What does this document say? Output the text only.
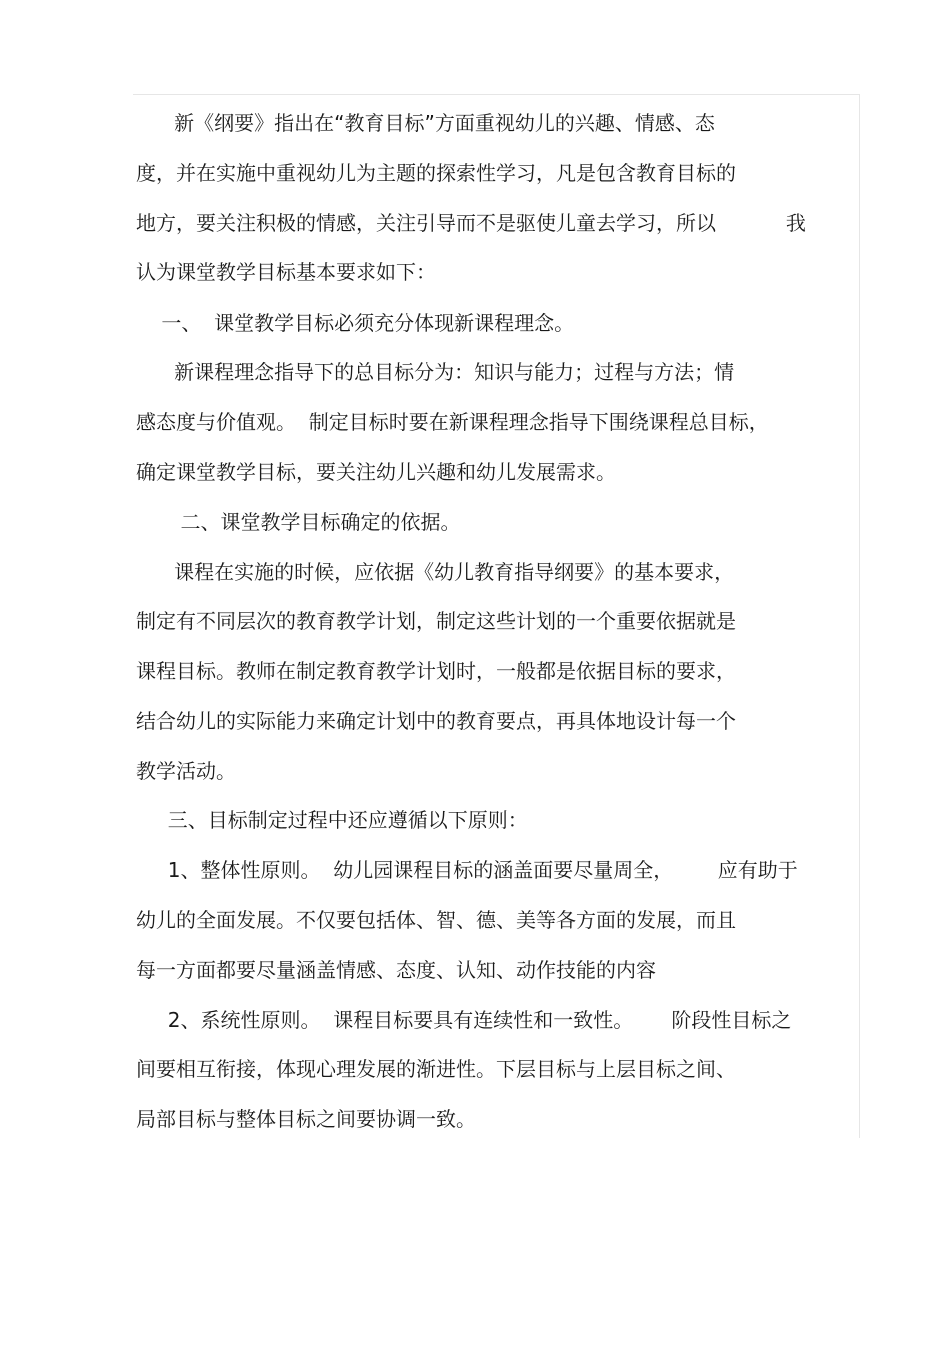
新《纲要》指出在“教育目标”方面重视幼儿的兴趣、情感、态
度，并在实施中重视幼儿为主题的探索性学习，凡是包含教育目标的
地方，要关注积极的情感，关注引导而不是驱使儿童去学习，所以           我
认为课堂教学目标基本要求如下：
一、  课堂教学目标必须充分体现新课程理念。
新课程理念指导下的总目标分为：知识与能力；过程与方法；情
感态度与价值观。  制定目标时要在新课程理念指导下围绕课程总目标，
确定课堂教学目标，要关注幼儿兴趣和幼儿发展需求。
二、课堂教学目标确定的依据。
课程在实施的时候，应依据《幼儿教育指导纲要》的基本要求，
制定有不同层次的教育教学计划，制定这些计划的一个重要依据就是
课程目标。教师在制定教育教学计划时，一般都是依据目标的要求，
结合幼儿的实际能力来确定计划中的教育要点，再具体地设计每一个
教学活动。
三、目标制定过程中还应遵循以下原则：
1、整体性原则。  幼儿园课程目标的涵盖面要尽量周全，       应有助于
幼儿的全面发展。不仅要包括体、智、德、美等各方面的发展，而且
每一方面都要尽量涵盖情感、态度、认知、动作技能的内容
2、系统性原则。  课程目标要具有连续性和一致性。      阶段性目标之
间要相互衔接，体现心理发展的渐进性。下层目标与上层目标之间、
局部目标与整体目标之间要协调一致。
